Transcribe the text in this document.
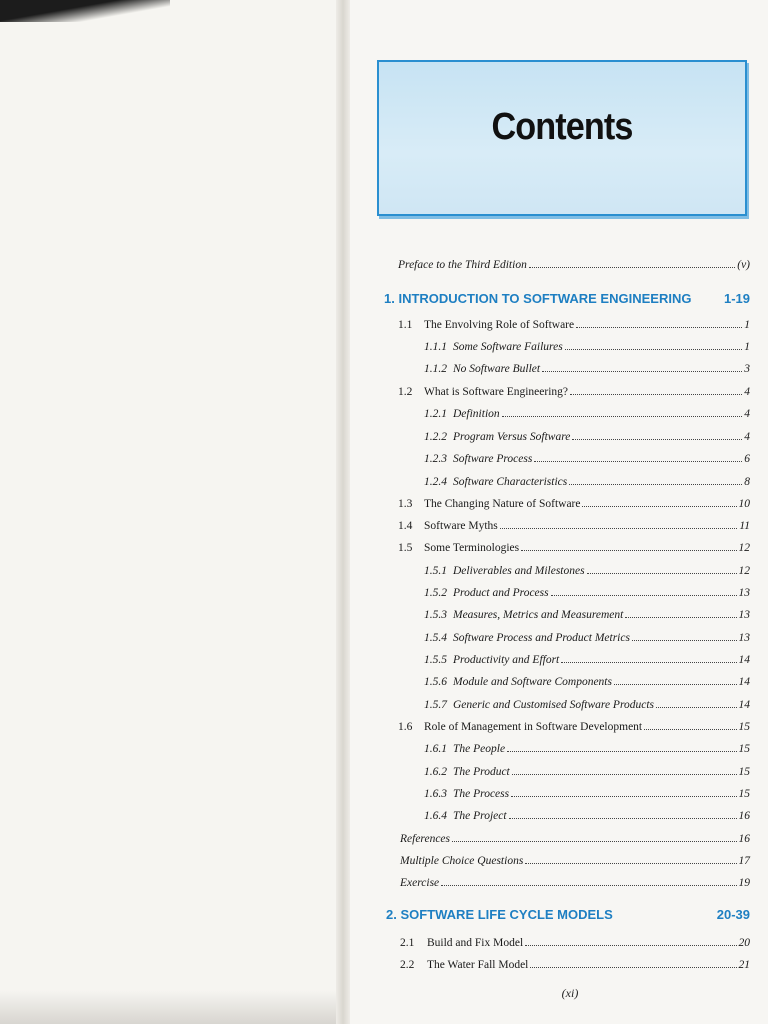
Contents
Preface to the Third Edition	(v)
1. INTRODUCTION TO SOFTWARE ENGINEERING	1-19
1.1	The Envolving Role of Software	1
1.1.1 Some Software Failures	1
1.1.2 No Software Bullet	3
1.2	What is Software Engineering?	4
1.2.1 Definition	4
1.2.2 Program Versus Software	4
1.2.3 Software Process	6
1.2.4 Software Characteristics	8
1.3	The Changing Nature of Software	10
1.4	Software Myths	11
1.5	Some Terminologies	12
1.5.1 Deliverables and Milestones	12
1.5.2 Product and Process	13
1.5.3 Measures, Metrics and Measurement	13
1.5.4 Software Process and Product Metrics	13
1.5.5 Productivity and Effort	14
1.5.6 Module and Software Components	14
1.5.7 Generic and Customised Software Products	14
1.6	Role of Management in Software Development	15
1.6.1 The People	15
1.6.2 The Product	15
1.6.3 The Process	15
1.6.4 The Project	16
References	16
Multiple Choice Questions	17
Exercise	19
2. SOFTWARE LIFE CYCLE MODELS	20-39
2.1	Build and Fix Model	20
2.2	The Water Fall Model	21
(xi)
